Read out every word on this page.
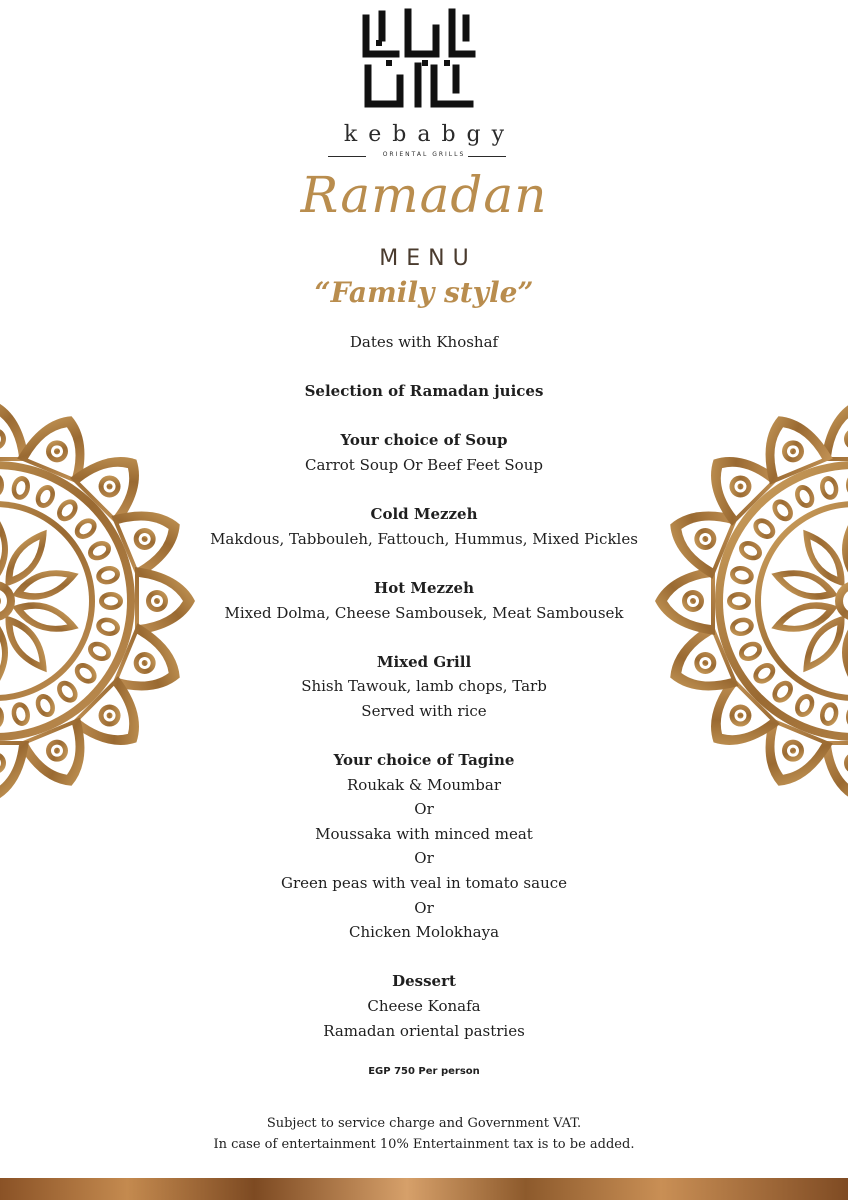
kebabgy
ORIENTAL GRILLS
Ramadan
MENU
“Family style”
Dates with Khoshaf
Selection of Ramadan juices
Your choice of Soup
Carrot Soup Or Beef Feet Soup
Cold Mezzeh
Makdous, Tabbouleh, Fattouch, Hummus, Mixed Pickles
Hot Mezzeh
Mixed Dolma, Cheese Sambousek, Meat Sambousek
Mixed Grill
Shish Tawouk, lamb chops, Tarb
Served with rice
Your choice of Tagine
Roukak & Moumbar
Or
Moussaka with minced meat
Or
Green peas with veal in tomato sauce
Or
Chicken Molokhaya
Dessert
Cheese Konafa
Ramadan oriental pastries
EGP 750 Per person
Subject to service charge and Government VAT.
In case of entertainment 10% Entertainment tax is to be added.
